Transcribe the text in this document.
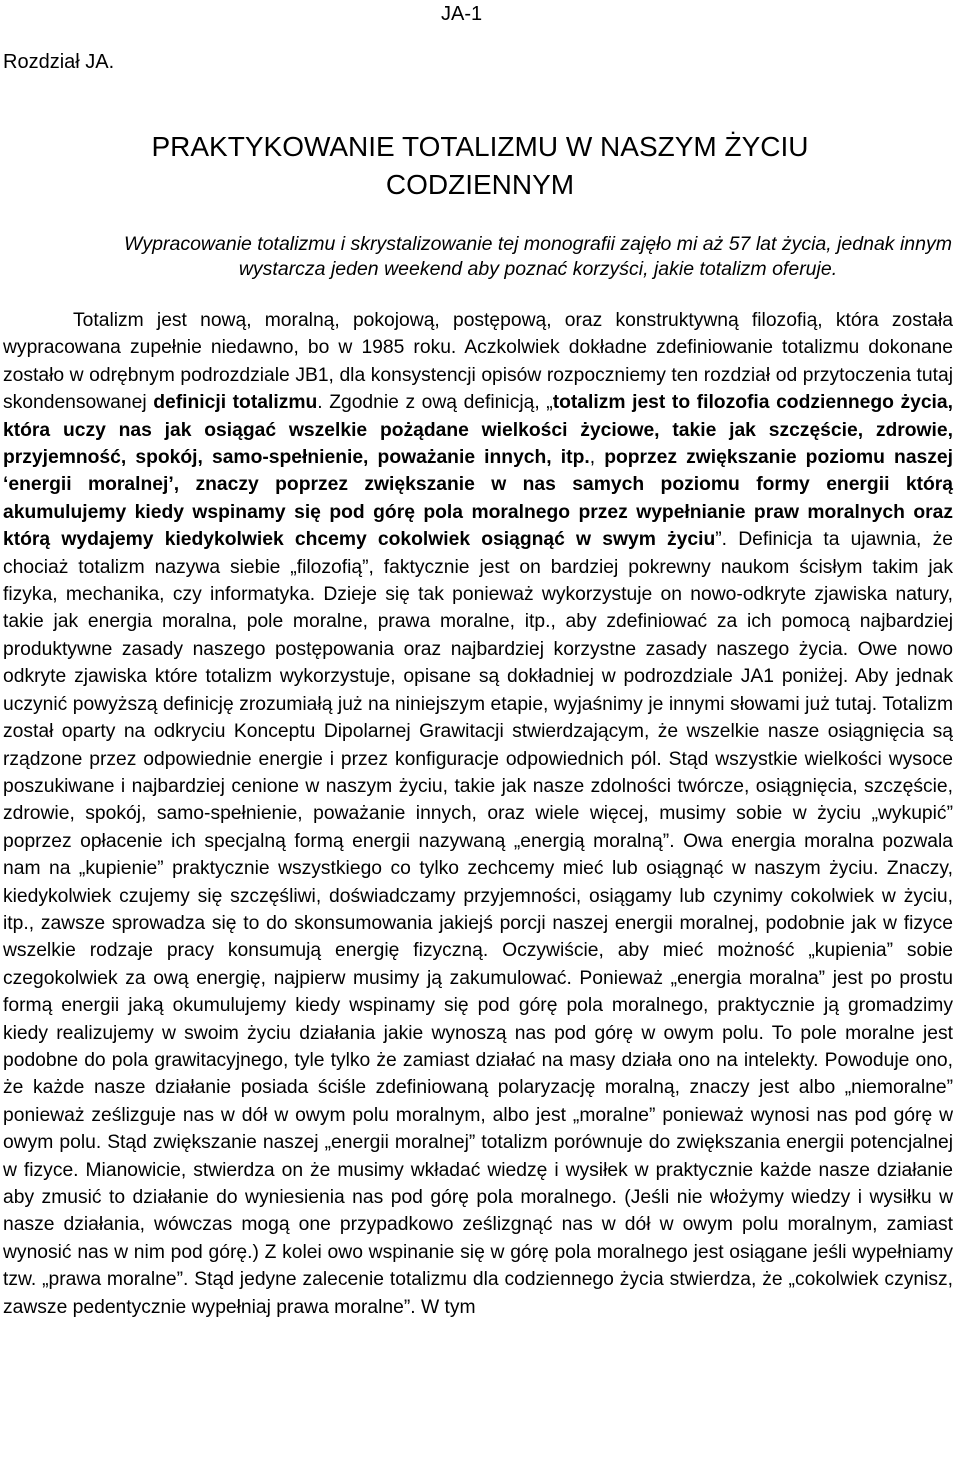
JA-1
Rozdział JA.
PRAKTYKOWANIE TOTALIZMU W NASZYM ŻYCIU
CODZIENNYM

Wypracowanie totalizmu i skrystalizowanie tej monografii zajęło mi aż 57 lat życia, jednak innym wystarcza jeden weekend aby poznać korzyści, jakie totalizm oferuje.

Totalizm jest nową, moralną, pokojową, postępową, oraz konstruktywną filozofią, która została wypracowana zupełnie niedawno, bo w 1985 roku. Aczkolwiek dokładne zdefiniowanie totalizmu dokonane zostało w odrębnym podrozdziale JB1, dla konsystencji opisów rozpoczniemy ten rozdział od przytoczenia tutaj skondensowanej definicji totalizmu. Zgodnie z ową definicją, „totalizm jest to filozofia codziennego życia, która uczy nas jak osiągać wszelkie pożądane wielkości życiowe, takie jak szczęście, zdrowie, przyjemność, spokój, samo-spełnienie, poważanie innych, itp., poprzez zwiększanie poziomu naszej ‘energii moralnej’, znaczy poprzez zwiększanie w nas samych poziomu formy energii którą akumulujemy kiedy wspinamy się pod górę pola moralnego przez wypełnianie praw moralnych oraz którą wydajemy kiedykolwiek chcemy cokolwiek osiągnąć w swym życiu”. Definicja ta ujawnia, że chociaż totalizm nazywa siebie „filozofią”, faktycznie jest on bardziej pokrewny naukom ścisłym takim jak fizyka, mechanika, czy informatyka. Dzieje się tak ponieważ wykorzystuje on nowo-odkryte zjawiska natury, takie jak energia moralna, pole moralne, prawa moralne, itp., aby zdefiniować za ich pomocą najbardziej produktywne zasady naszego postępowania oraz najbardziej korzystne zasady naszego życia. Owe nowo odkryte zjawiska które totalizm wykorzystuje, opisane są dokładniej w podrozdziale JA1 poniżej. Aby jednak uczynić powyższą definicję zrozumiałą już na niniejszym etapie, wyjaśnimy je innymi słowami już tutaj. Totalizm został oparty na odkryciu Konceptu Dipolarnej Grawitacji stwierdzającym, że wszelkie nasze osiągnięcia są rządzone przez odpowiednie energie i przez konfiguracje odpowiednich pól. Stąd wszystkie wielkości wysoce poszukiwane i najbardziej cenione w naszym życiu, takie jak nasze zdolności twórcze, osiągnięcia, szczęście, zdrowie, spokój, samo-spełnienie, poważanie innych, oraz wiele więcej, musimy sobie w życiu „wykupić” poprzez opłacenie ich specjalną formą energii nazywaną „energią moralną”. Owa energia moralna pozwala nam na „kupienie” praktycznie wszystkiego co tylko zechcemy mieć lub osiągnąć w naszym życiu. Znaczy, kiedykolwiek czujemy się szczęśliwi, doświadczamy przyjemności, osiągamy lub czynimy cokolwiek w życiu, itp., zawsze sprowadza się to do skonsumowania jakiejś porcji naszej energii moralnej, podobnie jak w fizyce wszelkie rodzaje pracy konsumują energię fizyczną. Oczywiście, aby mieć możność „kupienia” sobie czegokolwiek za ową energię, najpierw musimy ją zakumulować. Ponieważ „energia moralna” jest po prostu formą energii jaką okumulujemy kiedy wspinamy się pod górę pola moralnego, praktycznie ją gromadzimy kiedy realizujemy w swoim życiu działania jakie wynoszą nas pod górę w owym polu. To pole moralne jest podobne do pola grawitacyjnego, tyle tylko że zamiast działać na masy działa ono na intelekty. Powoduje ono, że każde nasze działanie posiada ściśle zdefiniowaną polaryzację moralną, znaczy jest albo „niemoralne” ponieważ ześlizguje nas w dół w owym polu moralnym, albo jest „moralne” ponieważ wynosi nas pod górę w owym polu. Stąd zwiększanie naszej „energii moralnej” totalizm porównuje do zwiększania energii potencjalnej w fizyce. Mianowicie, stwierdza on że musimy wkładać wiedzę i wysiłek w praktycznie każde nasze działanie aby zmusić to działanie do wyniesienia nas pod górę pola moralnego. (Jeśli nie włożymy wiedzy i wysiłku w nasze działania, wówczas mogą one przypadkowo ześlizgnąć nas w dół w owym polu moralnym, zamiast wynosić nas w nim pod górę.) Z kolei owo wspinanie się w górę pola moralnego jest osiągane jeśli wypełniamy tzw. „prawa moralne”. Stąd jedyne zalecenie totalizmu dla codziennego życia stwierdza, że „cokolwiek czynisz, zawsze pedentycznie wypełniaj prawa moralne”. W tym
